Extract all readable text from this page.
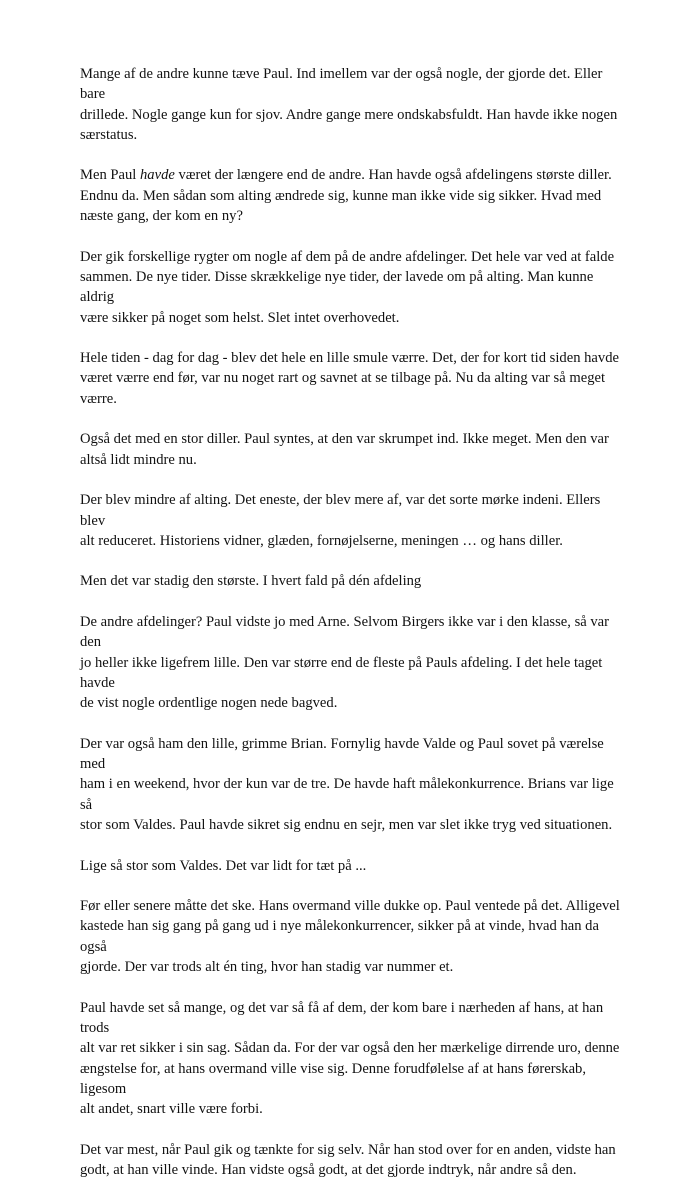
Mange af de andre kunne tæve Paul. Ind imellem var der også nogle, der gjorde det. Eller bare
drillede. Nogle gange kun for sjov. Andre gange mere ondskabsfuldt. Han havde ikke nogen
særstatus.
Men Paul havde været der længere end de andre. Han havde også afdelingens største diller.
Endnu da. Men sådan som alting ændrede sig, kunne man ikke vide sig sikker. Hvad med
næste gang, der kom en ny?
Der gik forskellige rygter om nogle af dem på de andre afdelinger. Det hele var ved at falde
sammen. De nye tider. Disse skrækkelige nye tider, der lavede om på alting. Man kunne aldrig
være sikker på noget som helst. Slet intet overhovedet.
Hele tiden - dag for dag - blev det hele en lille smule værre. Det, der for kort tid siden havde
været værre end før, var nu noget rart og savnet at se tilbage på. Nu da alting var så meget
værre.
Også det med en stor diller. Paul syntes, at den var skrumpet ind. Ikke meget. Men den var
altså lidt mindre nu.
Der blev mindre af alting. Det eneste, der blev mere af, var det sorte mørke indeni. Ellers blev
alt reduceret. Historiens vidner, glæden, fornøjelserne, meningen … og hans diller.
Men det var stadig den største. I hvert fald på dén afdeling
De andre afdelinger? Paul vidste jo med Arne. Selvom Birgers ikke var i den klasse, så var den
jo heller ikke ligefrem lille. Den var større end de fleste på Pauls afdeling. I det hele taget havde
de vist nogle ordentlige nogen nede bagved.
Der var også ham den lille, grimme Brian. Fornylig havde Valde og Paul sovet på værelse med
ham i en weekend, hvor der kun var de tre. De havde haft målekonkurrence. Brians var lige så
stor som Valdes. Paul havde sikret sig endnu en sejr, men var slet ikke tryg ved situationen.
Lige så stor som Valdes. Det var lidt for tæt på ...
Før eller senere måtte det ske. Hans overmand ville dukke op. Paul ventede på det. Alligevel
kastede han sig gang på gang ud i nye målekonkurrencer, sikker på at vinde, hvad han da også
gjorde. Der var trods alt én ting, hvor han stadig var nummer et.
Paul havde set så mange, og det var så få af dem, der kom bare i nærheden af hans, at han trods
alt var ret sikker i sin sag. Sådan da. For der var også den her mærkelige dirrende uro, denne
ængstelse for, at hans overmand ville vise sig. Denne forudfølelse af at hans førerskab, ligesom
alt andet, snart ville være forbi.
Det var mest, når Paul gik og tænkte for sig selv. Når han stod over for en anden, vidste han
godt, at han ville vinde. Han vidste også godt, at det gjorde indtryk, når andre så den.
